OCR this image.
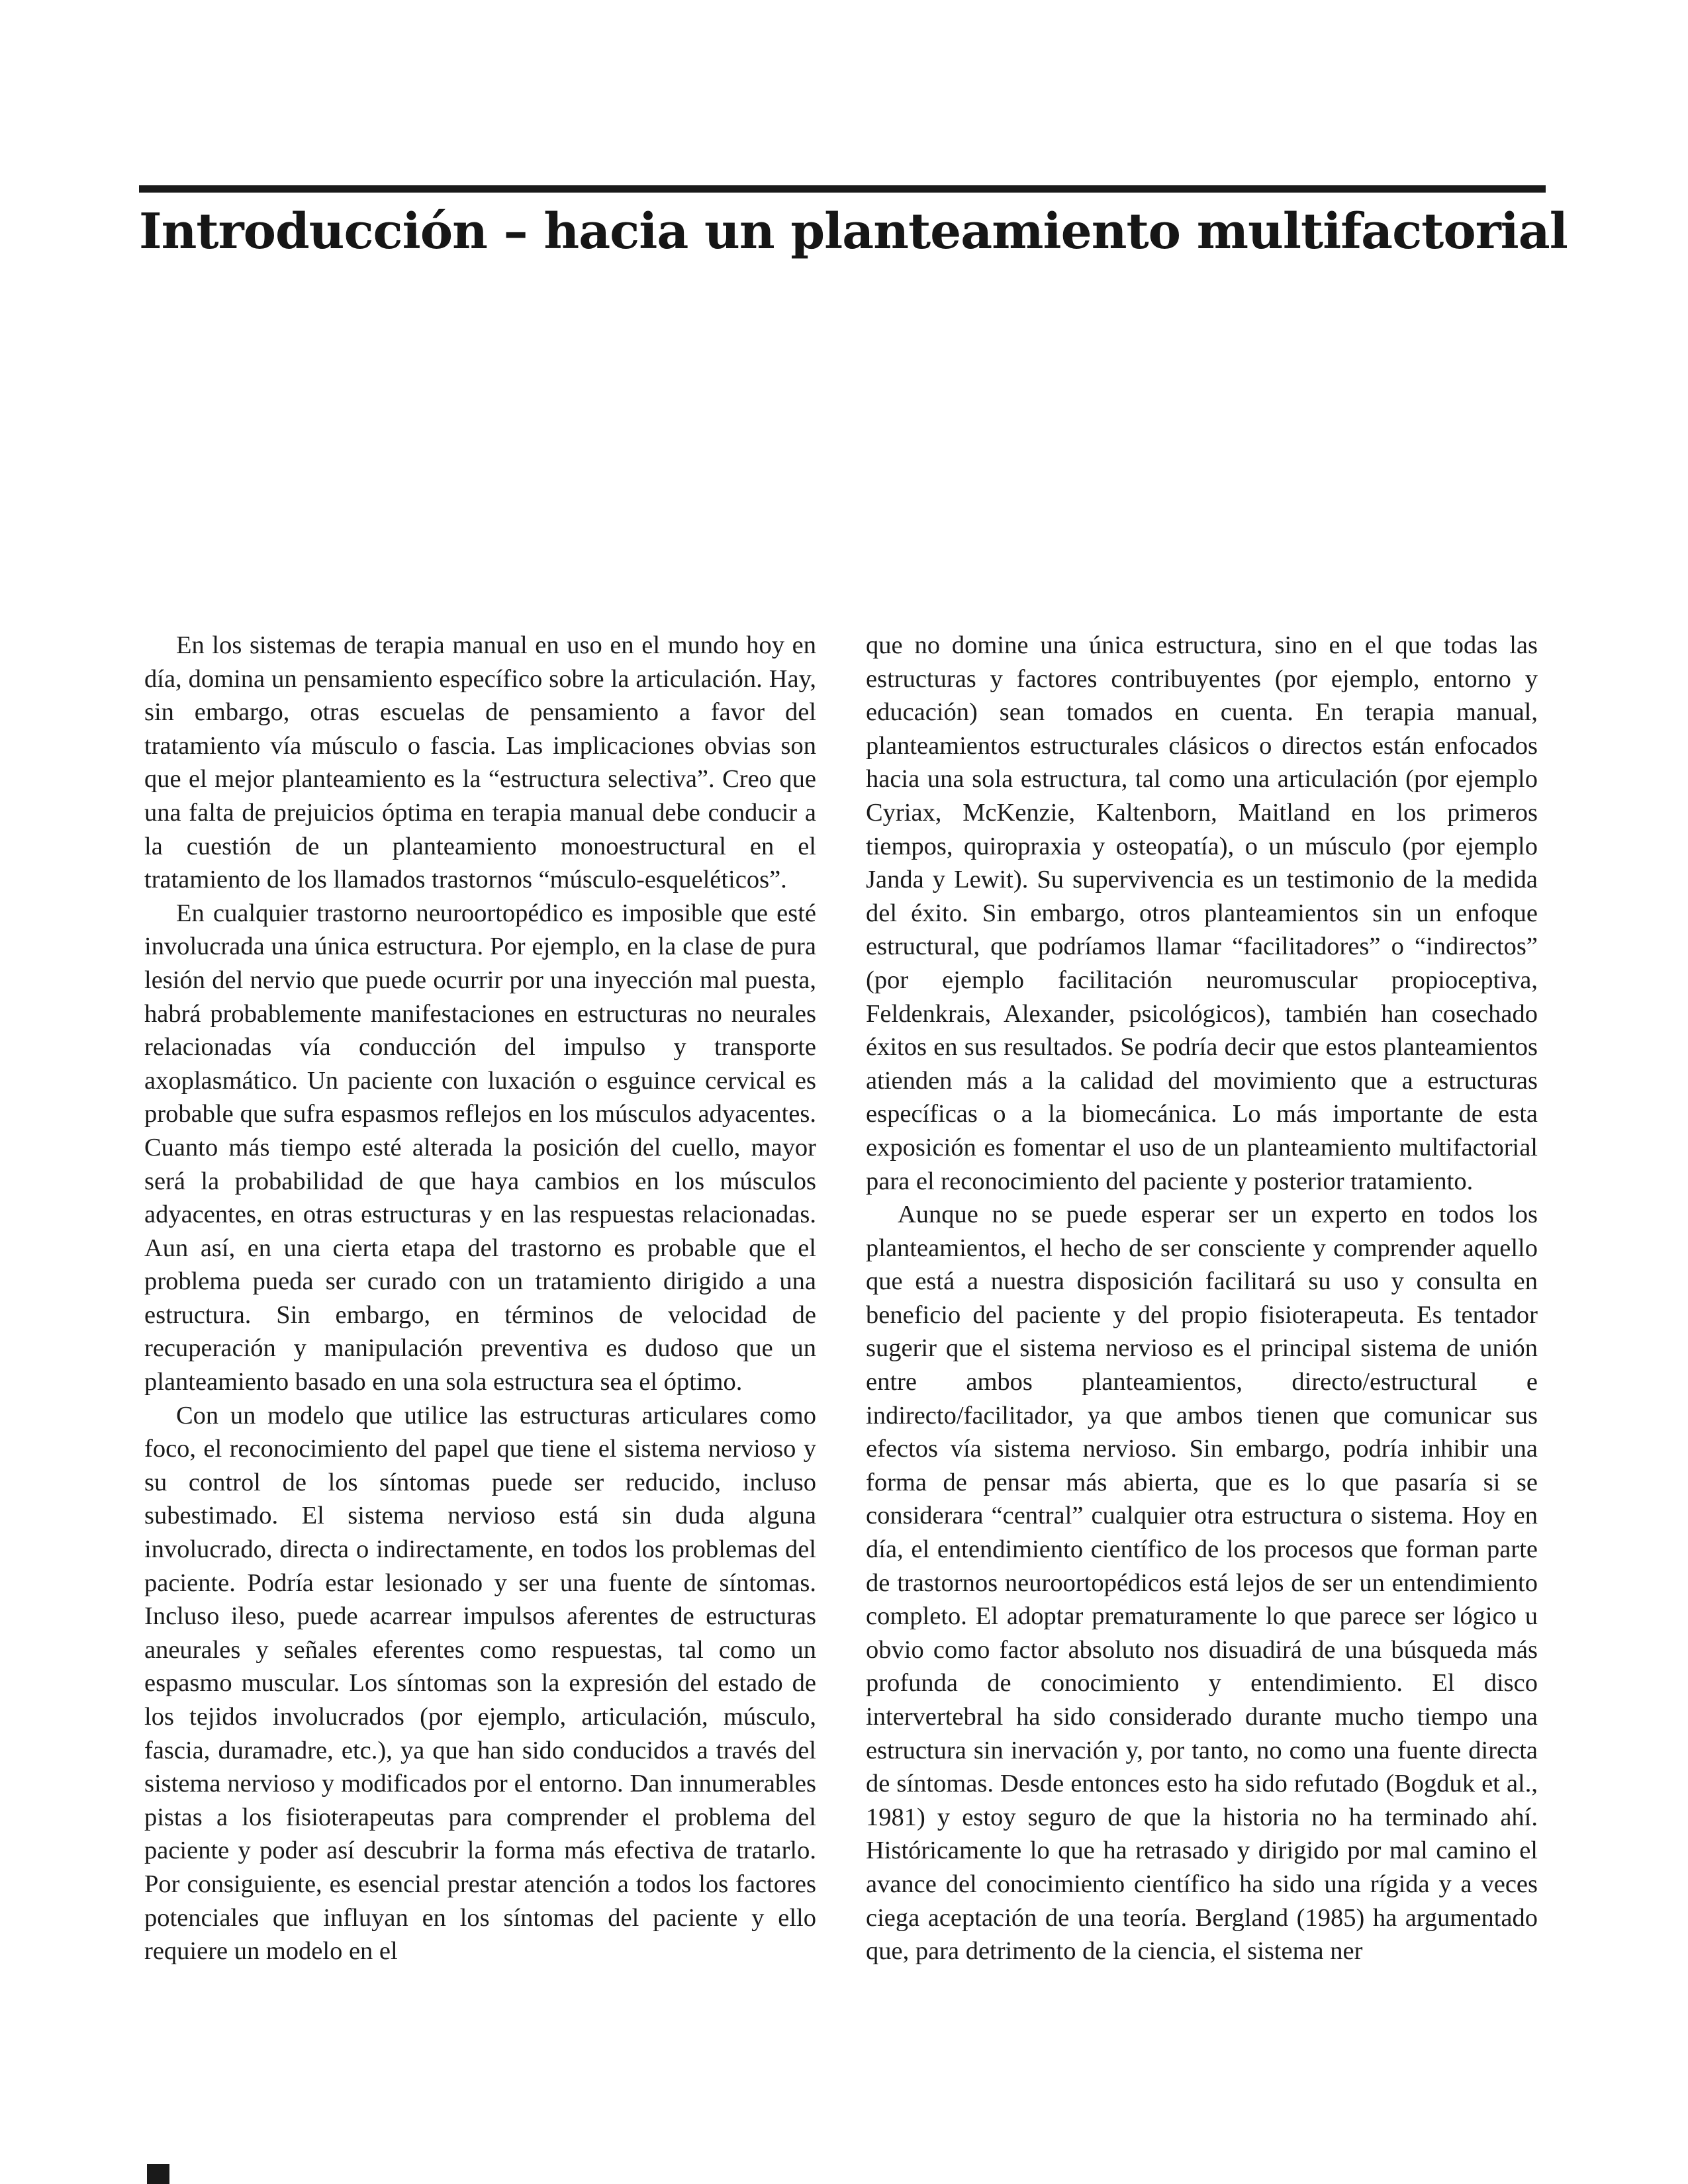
Introducción – hacia un planteamiento multifactorial

En los sistemas de terapia manual en uso en el mundo hoy en día, domina un pensamiento específico sobre la articulación. Hay, sin embargo, otras escuelas de pensamiento a favor del tratamiento vía músculo o fascia. Las implicaciones obvias son que el mejor planteamiento es la “estructura selectiva”. Creo que una falta de prejuicios óptima en terapia manual debe conducir a la cuestión de un planteamiento monoestructural en el tratamiento de los llamados trastornos “músculo-esqueléticos”.

En cualquier trastorno neuroortopédico es imposible que esté involucrada una única estructura. Por ejemplo, en la clase de pura lesión del nervio que puede ocurrir por una inyección mal puesta, habrá probablemente manifestaciones en estructuras no neurales relacionadas vía conducción del impulso y transporte axoplasmático. Un paciente con luxación o esguince cervical es probable que sufra espasmos reflejos en los músculos adyacentes. Cuanto más tiempo esté alterada la posición del cuello, mayor será la probabilidad de que haya cambios en los músculos adyacentes, en otras estructuras y en las respuestas relacionadas. Aun así, en una cierta etapa del trastorno es probable que el problema pueda ser curado con un tratamiento dirigido a una estructura. Sin embargo, en términos de velocidad de recuperación y manipulación preventiva es dudoso que un planteamiento basado en una sola estructura sea el óptimo.

Con un modelo que utilice las estructuras articulares como foco, el reconocimiento del papel que tiene el sistema nervioso y su control de los síntomas puede ser reducido, incluso subestimado. El sistema nervioso está sin duda alguna involucrado, directa o indirectamente, en todos los problemas del paciente. Podría estar lesionado y ser una fuente de síntomas. Incluso ileso, puede acarrear impulsos aferentes de estructuras aneurales y señales eferentes como respuestas, tal como un espasmo muscular. Los síntomas son la expresión del estado de los tejidos involucrados (por ejemplo, articulación, músculo, fascia, duramadre, etc.), ya que han sido conducidos a través del sistema nervioso y modificados por el entorno. Dan innumerables pistas a los fisioterapeutas para comprender el problema del paciente y poder así descubrir la forma más efectiva de tratarlo. Por consiguiente, es esencial prestar atención a todos los factores potenciales que influyan en los síntomas del paciente y ello requiere un modelo en el

que no domine una única estructura, sino en el que todas las estructuras y factores contribuyentes (por ejemplo, entorno y educación) sean tomados en cuenta. En terapia manual, planteamientos estructurales clásicos o directos están enfocados hacia una sola estructura, tal como una articulación (por ejemplo Cyriax, McKenzie, Kaltenborn, Maitland en los primeros tiempos, quiropraxia y osteopatía), o un músculo (por ejemplo Janda y Lewit). Su supervivencia es un testimonio de la medida del éxito. Sin embargo, otros planteamientos sin un enfoque estructural, que podríamos llamar “facilitadores” o “indirectos” (por ejemplo facilitación neuromuscular propioceptiva, Feldenkrais, Alexander, psicológicos), también han cosechado éxitos en sus resultados. Se podría decir que estos planteamientos atienden más a la calidad del movimiento que a estructuras específicas o a la biomecánica. Lo más importante de esta exposición es fomentar el uso de un planteamiento multifactorial para el reconocimiento del paciente y posterior tratamiento.

Aunque no se puede esperar ser un experto en todos los planteamientos, el hecho de ser consciente y comprender aquello que está a nuestra disposición facilitará su uso y consulta en beneficio del paciente y del propio fisioterapeuta. Es tentador sugerir que el sistema nervioso es el principal sistema de unión entre ambos planteamientos, directo/estructural e indirecto/facilitador, ya que ambos tienen que comunicar sus efectos vía sistema nervioso. Sin embargo, podría inhibir una forma de pensar más abierta, que es lo que pasaría si se considerara “central” cualquier otra estructura o sistema. Hoy en día, el entendimiento científico de los procesos que forman parte de trastornos neuroortopédicos está lejos de ser un entendimiento completo. El adoptar prematuramente lo que parece ser lógico u obvio como factor absoluto nos disuadirá de una búsqueda más profunda de conocimiento y entendimiento. El disco intervertebral ha sido considerado durante mucho tiempo una estructura sin inervación y, por tanto, no como una fuente directa de síntomas. Desde entonces esto ha sido refutado (Bogduk et al., 1981) y estoy seguro de que la historia no ha terminado ahí. Históricamente lo que ha retrasado y dirigido por mal camino el avance del conocimiento científico ha sido una rígida y a veces ciega aceptación de una teoría. Bergland (1985) ha argumentado que, para detrimento de la ciencia, el sistema ner
